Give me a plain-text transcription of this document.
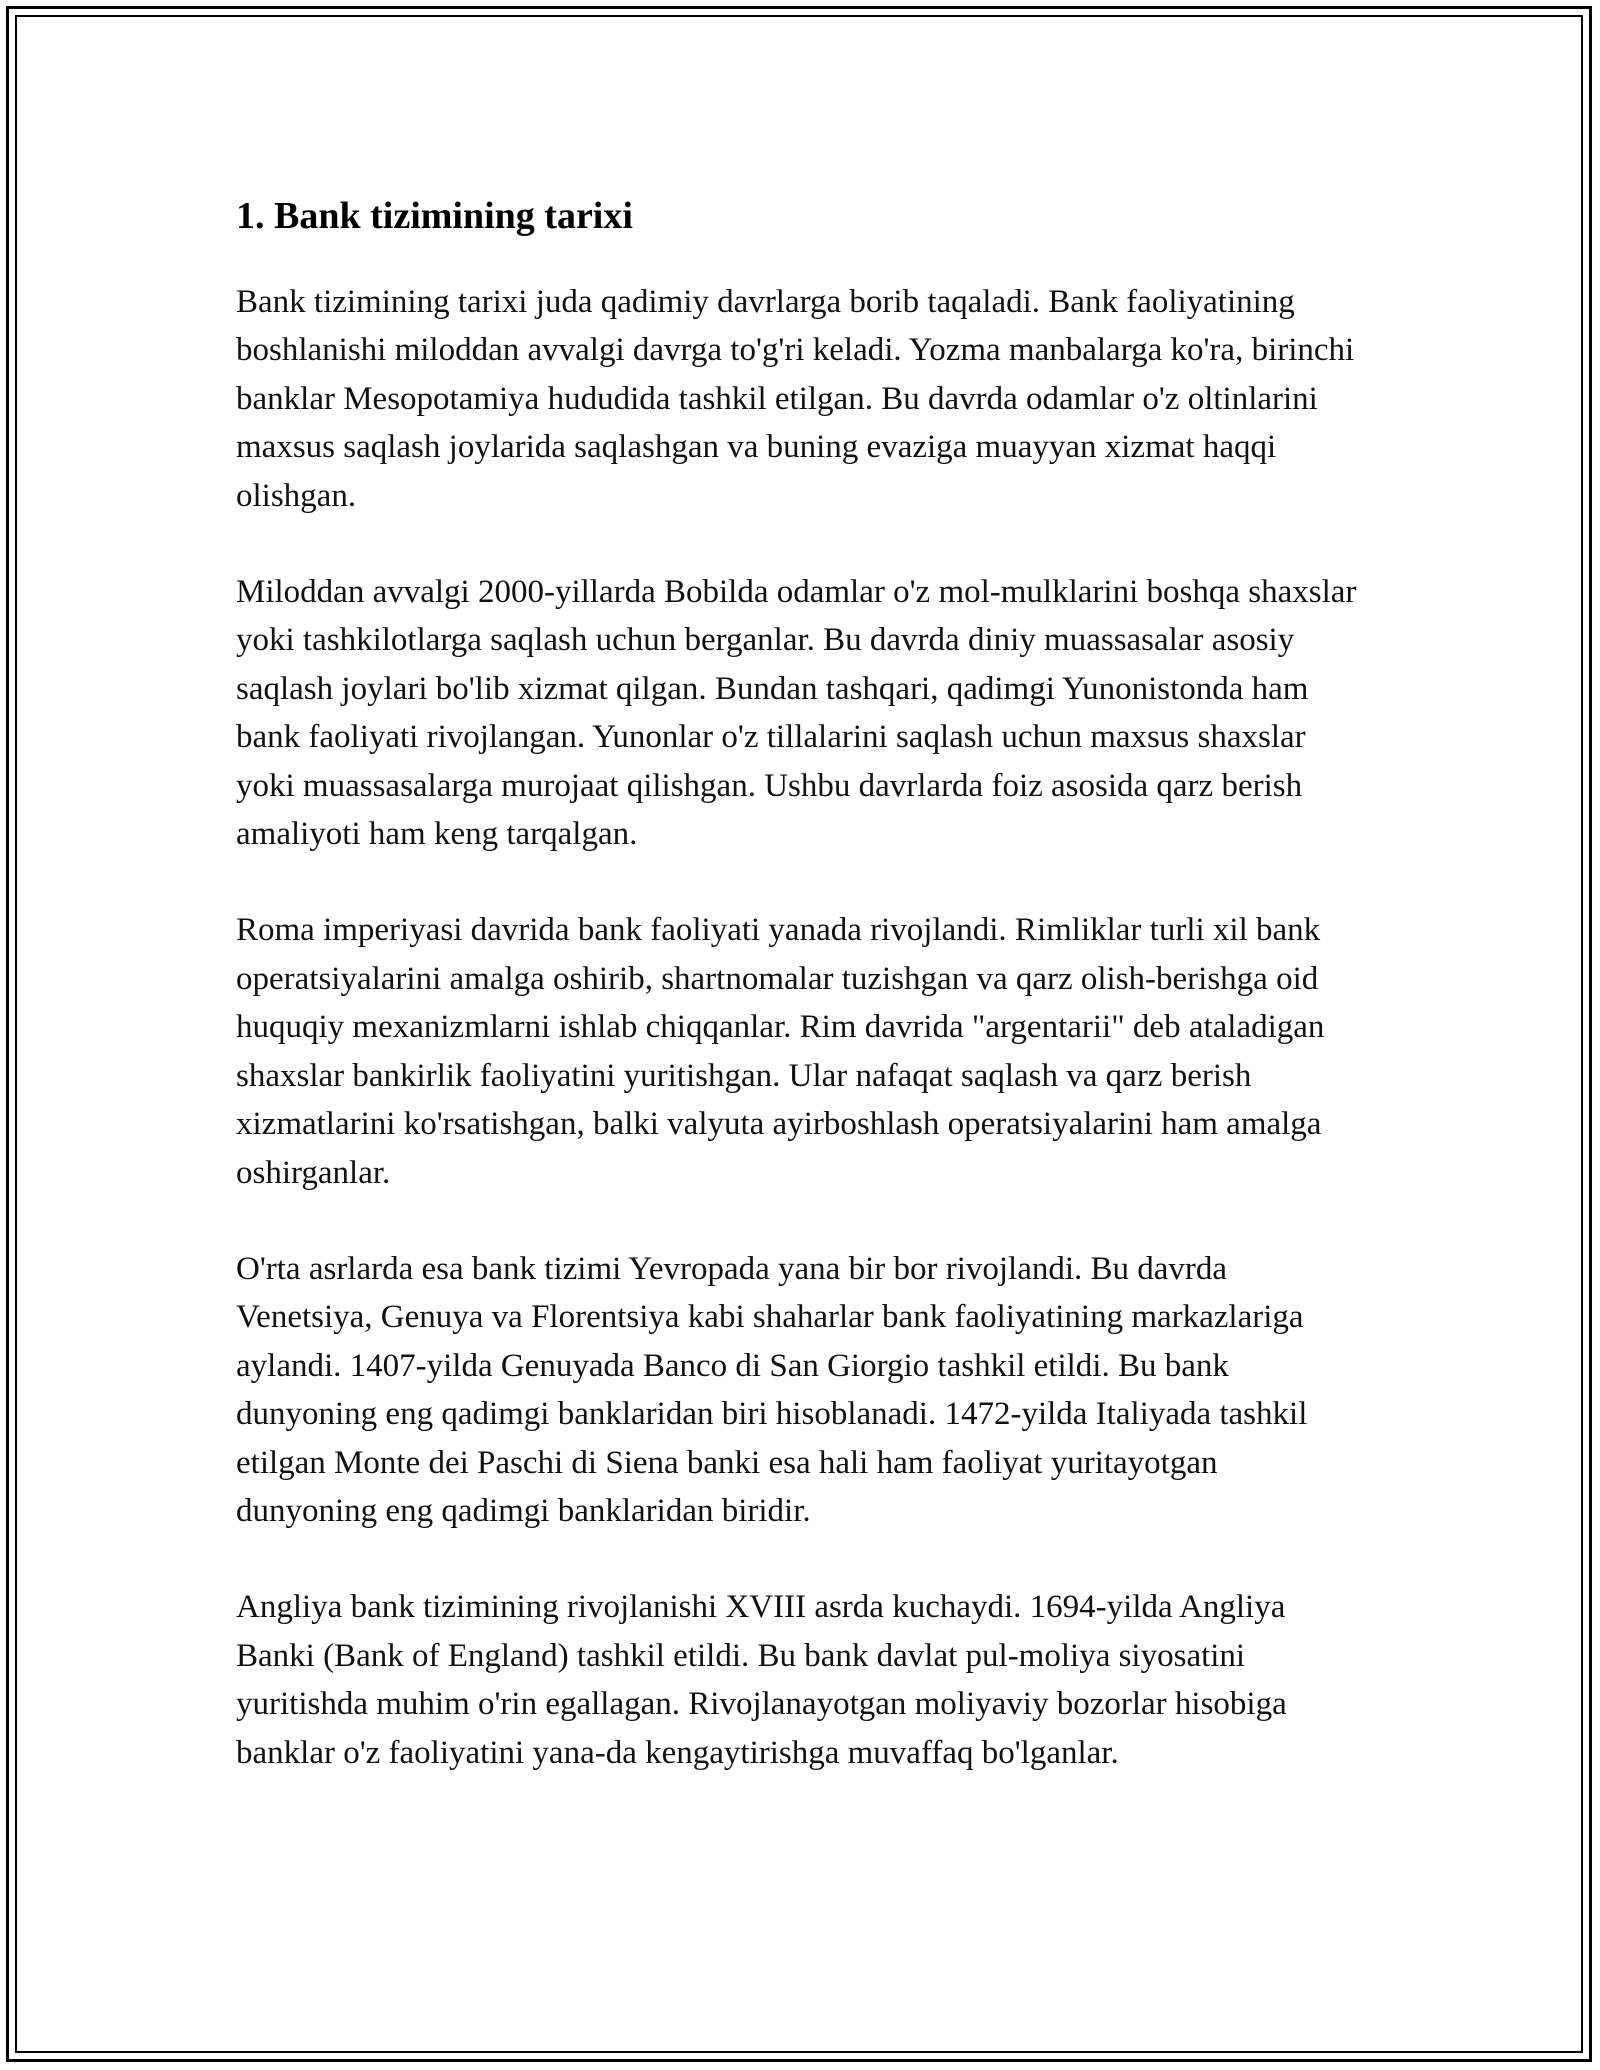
1. Bank tizimining tarixi

Bank tizimining tarixi juda qadimiy davrlarga borib taqaladi. Bank faoliyatining boshlanishi miloddan avvalgi davrga to'g'ri keladi. Yozma manbalarga ko'ra, birinchi banklar Mesopotamiya hududida tashkil etilgan. Bu davrda odamlar o'z oltinlarini maxsus saqlash joylarida saqlashgan va buning evaziga muayyan xizmat haqqi olishgan.

Miloddan avvalgi 2000-yillarda Bobilda odamlar o'z mol-mulklarini boshqa shaxslar yoki tashkilotlarga saqlash uchun berganlar. Bu davrda diniy muassasalar asosiy saqlash joylari bo'lib xizmat qilgan. Bundan tashqari, qadimgi Yunonistonda ham bank faoliyati rivojlangan. Yunonlar o'z tillalarini saqlash uchun maxsus shaxslar yoki muassasalarga murojaat qilishgan. Ushbu davrlarda foiz asosida qarz berish amaliyoti ham keng tarqalgan.

Roma imperiyasi davrida bank faoliyati yanada rivojlandi. Rimliklar turli xil bank operatsiyalarini amalga oshirib, shartnomalar tuzishgan va qarz olish-berishga oid huquqiy mexanizmlarni ishlab chiqqanlar. Rim davrida "argentarii" deb ataladigan shaxslar bankirlik faoliyatini yuritishgan. Ular nafaqat saqlash va qarz berish xizmatlarini ko'rsatishgan, balki valyuta ayirboshlash operatsiyalarini ham amalga oshirganlar.

O'rta asrlarda esa bank tizimi Yevropada yana bir bor rivojlandi. Bu davrda Venetsiya, Genuya va Florentsiya kabi shaharlar bank faoliyatining markazlariga aylandi. 1407-yilda Genuyada Banco di San Giorgio tashkil etildi. Bu bank dunyoning eng qadimgi banklaridan biri hisoblanadi. 1472-yilda Italiyada tashkil etilgan Monte dei Paschi di Siena banki esa hali ham faoliyat yuritayotgan dunyoning eng qadimgi banklaridan biridir.

Angliya bank tizimining rivojlanishi XVIII asrda kuchaydi. 1694-yilda Angliya Banki (Bank of England) tashkil etildi. Bu bank davlat pul-moliya siyosatini yuritishda muhim o'rin egallagan. Rivojlanayotgan moliyaviy bozorlar hisobiga banklar o'z faoliyatini yana-da kengaytirishga muvaffaq bo'lganlar.
